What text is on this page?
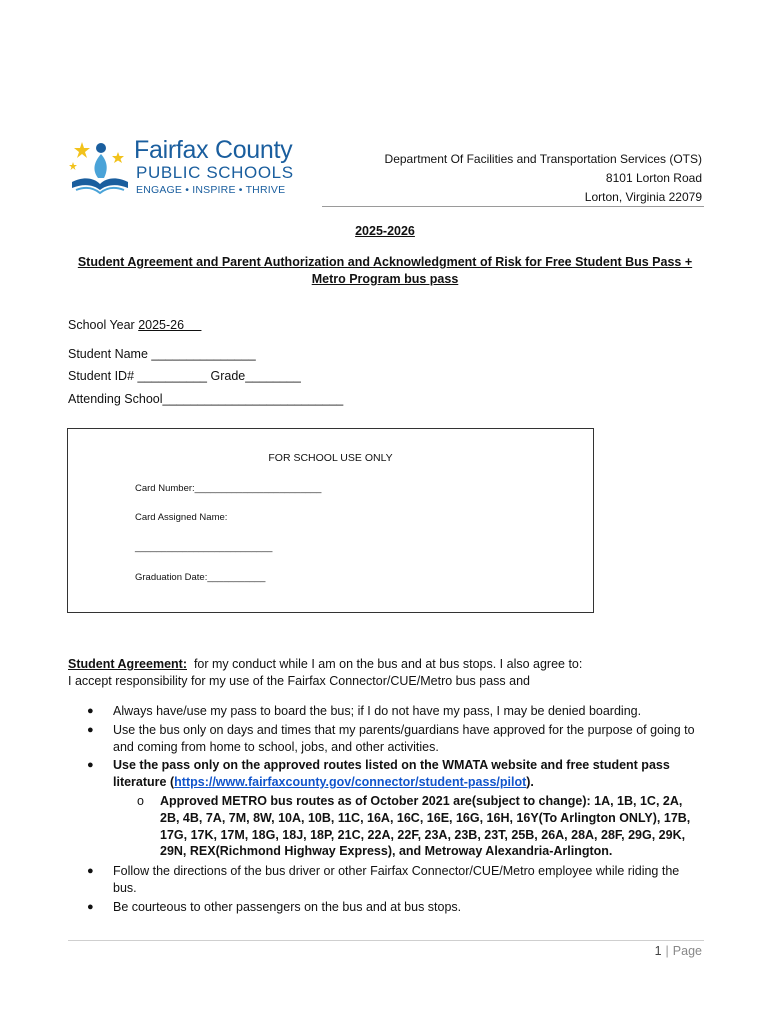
Fairfax County
PUBLIC SCHOOLS
ENGAGE • INSPIRE • THRIVE
Department Of Facilities and Transportation Services (OTS)
8101 Lorton Road
Lorton, Virginia 22079
2025-2026
Student Agreement and Parent Authorization and Acknowledgment of Risk for Free Student Bus Pass + Metro Program bus pass
School Year 2025-26
Student Name _______________
Student ID# __________ Grade________
Attending School__________________________
FOR SCHOOL USE ONLY
Card Number:________________________
Card Assigned Name:
__________________________
Graduation Date:___________
Student Agreement:  for my conduct while I am on the bus and at bus stops. I also agree to:
I accept responsibility for my use of the Fairfax Connector/CUE/Metro bus pass and
● Always have/use my pass to board the bus; if I do not have my pass, I may be denied boarding.
● Use the bus only on days and times that my parents/guardians have approved for the purpose of going to and coming from home to school, jobs, and other activities.
● Use the pass only on the approved routes listed on the WMATA website and free student pass literature (https://www.fairfaxcounty.gov/connector/student-pass/pilot).
o Approved METRO bus routes as of October 2021 are(subject to change): 1A, 1B, 1C, 2A, 2B, 4B, 7A, 7M, 8W, 10A, 10B, 11C, 16A, 16C, 16E, 16G, 16H, 16Y(To Arlington ONLY), 17B, 17G, 17K, 17M, 18G, 18J, 18P, 21C, 22A, 22F, 23A, 23B, 23T, 25B, 26A, 28A, 28F, 29G, 29K, 29N, REX(Richmond Highway Express), and Metroway Alexandria-Arlington.
● Follow the directions of the bus driver or other Fairfax Connector/CUE/Metro employee while riding the bus.
● Be courteous to other passengers on the bus and at bus stops.
1 | Page
